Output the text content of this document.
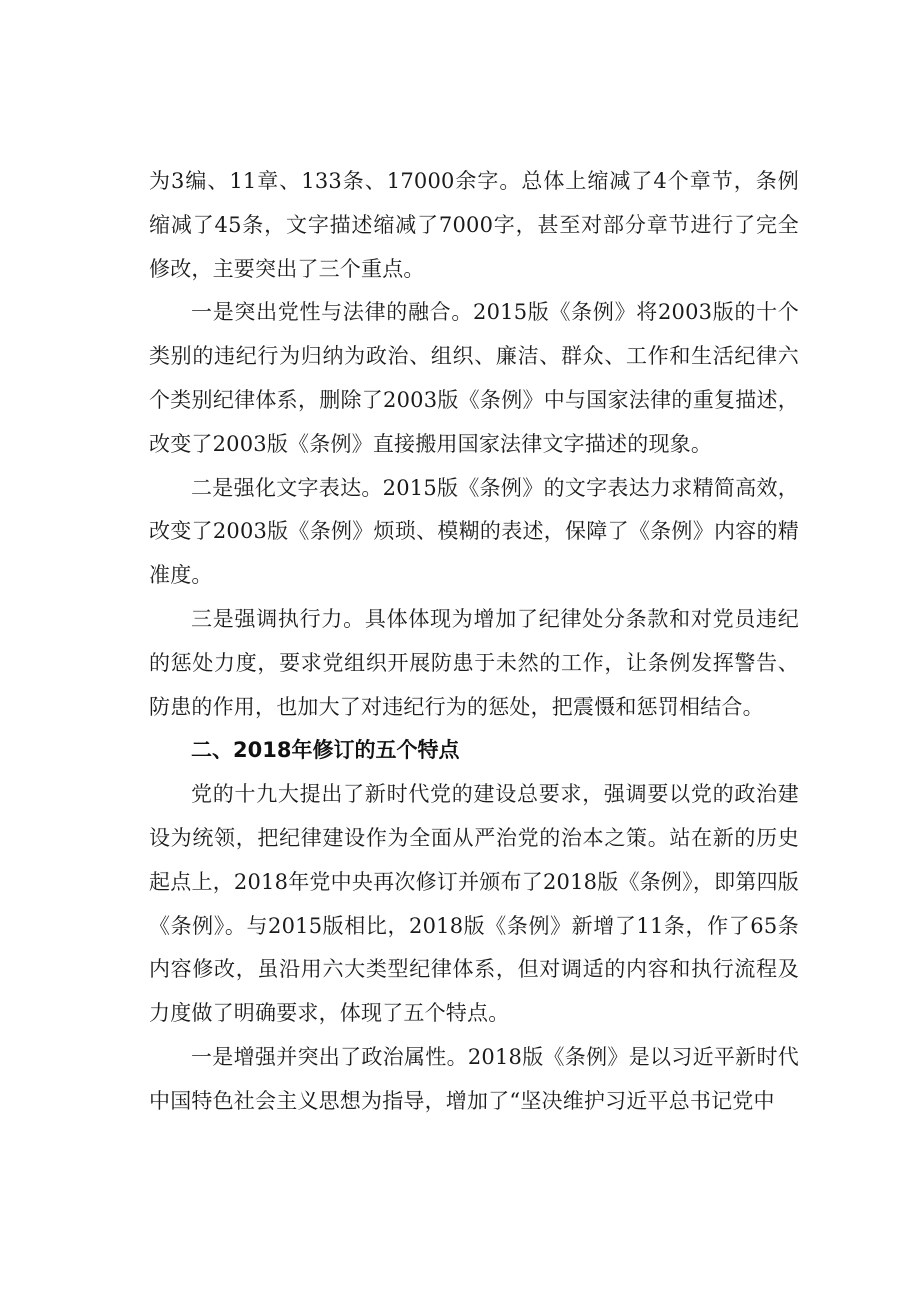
为3编、11章、133条、17000余字。总体上缩减了4个章节，条例缩减了45条，文字描述缩减了7000字，甚至对部分章节进行了完全修改，主要突出了三个重点。

一是突出党性与法律的融合。2015版《条例》将2003版的十个类别的违纪行为归纳为政治、组织、廉洁、群众、工作和生活纪律六个类别纪律体系，删除了2003版《条例》中与国家法律的重复描述，改变了2003版《条例》直接搬用国家法律文字描述的现象。

二是强化文字表达。2015版《条例》的文字表达力求精简高效，改变了2003版《条例》烦琐、模糊的表述，保障了《条例》内容的精准度。

三是强调执行力。具体体现为增加了纪律处分条款和对党员违纪的惩处力度，要求党组织开展防患于未然的工作，让条例发挥警告、防患的作用，也加大了对违纪行为的惩处，把震慑和惩罚相结合。

二、2018年修订的五个特点

党的十九大提出了新时代党的建设总要求，强调要以党的政治建设为统领，把纪律建设作为全面从严治党的治本之策。站在新的历史起点上，2018年党中央再次修订并颁布了2018版《条例》，即第四版《条例》。与2015版相比，2018版《条例》新增了11条，作了65条内容修改，虽沿用六大类型纪律体系，但对调适的内容和执行流程及力度做了明确要求，体现了五个特点。

一是增强并突出了政治属性。2018版《条例》是以习近平新时代中国特色社会主义思想为指导，增加了“坚决维护习近平总书记党中
